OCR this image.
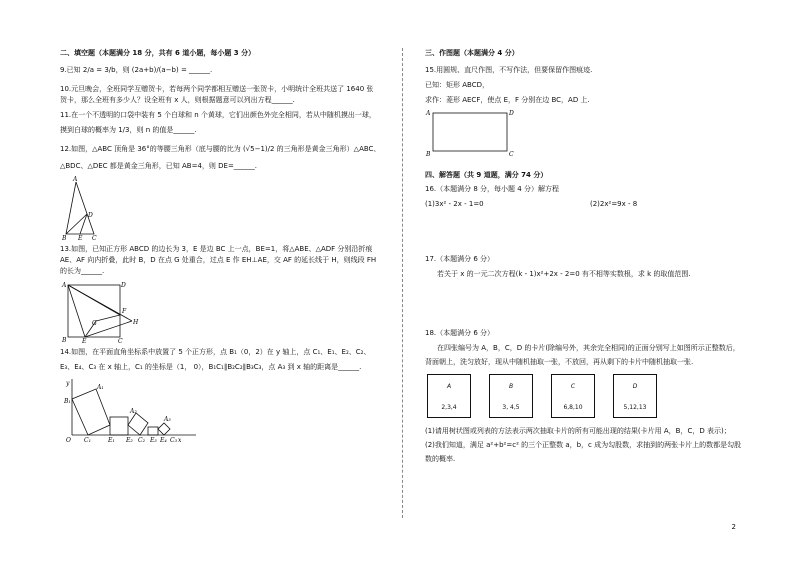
二、填空题（本题满分 18 分，共有 6 道小题，每小题 3 分）
9.已知 2/a = 3/b，则 (2a+b)/(a−b) = ______.
10.元旦晚会，全班同学互赠贺卡，若每两个同学都相互赠送一张贺卡，小明统计全班共送了 1640 张
贺卡，那么全班有多少人？设全班有 x 人，则根据题意可以列出方程______.
11.在一个不透明的口袋中装有 5 个白球和 n 个黄球，它们出颜色外完全相同，若从中随机摸出一球，
摸到白球的概率为 1/3，则 n 的值是______.
12.如图，△ABC 顶角是 36°的等腰三角形（底与腰的比为 (√5−1)/2 的三角形是黄金三角形）△ABC、
△BDC、△DEC 都是黄金三角形，已知 AB=4，则 DE=______.
A
D
B E C
13.如图，已知正方形 ABCD 的边长为 3，E 是边 BC 上一点，BE=1，将△ABE、△ADF 分别沿折痕
AE、AF 向内折叠，此时 B，D 在点 G 处重合，过点 E 作 EH⊥AE，交 AF 的延长线于 H，则线段 FH
的长为______.
A	D
B	E	C
F
H
G
14.如图，在平面直角坐标系中放置了 5 个正方形，点 B₁（0，2）在 y 轴上，点 C₁、E₁、E₂、C₂、
E₃、E₄、C₃ 在 x 轴上，C₁ 的坐标是（1， 0），B₁C₁∥B₂C₂∥B₃C₃，点 A₃ 到 x 轴的距离是______.
y
B₁
A₁
O C₁	E₁ E₂ C₂ E₃ E₄ C₃ x
A₂
A₃
三、作图题（本题满分 4 分）
15.用圆规、直尺作图，不写作法，但要保留作图痕迹.
已知：矩形 ABCD，
求作：菱形 AECF，使点 E，F 分别在边 BC，AD 上.
A	D
B	C
四、解答题（共 9 道题，满分 74 分）
16.（本题满分 8 分，每小题 4 分）解方程
(1)3x² - 2x - 1=0	(2)2x²=9x - 8
17.（本题满分 6 分）
若关于 x 的一元二次方程(k - 1)x²+2x - 2=0 有不相等实数根，求 k 的取值范围.
18.（本题满分 6 分）
在四张编号为 A，B，C，D 的卡片(除编号外，其余完全相同)的正面分别写上如图所示正整数后，
背面朝上，洗匀放好，现从中随机抽取一张，不放回，再从剩下的卡片中随机抽取一张.
A
2,3,4
B
3, 4,5
C
6,8,10
D
5,12,13
(1)请用树状图或列表的方法表示两次抽取卡片的所有可能出现的结果(卡片用 A，B，C，D 表示)；
(2)我们知道，满足 a²+b²=c² 的三个正整数 a，b，c 成为勾股数，求抽到的两张卡片上的数都是勾股
数的概率.
2
